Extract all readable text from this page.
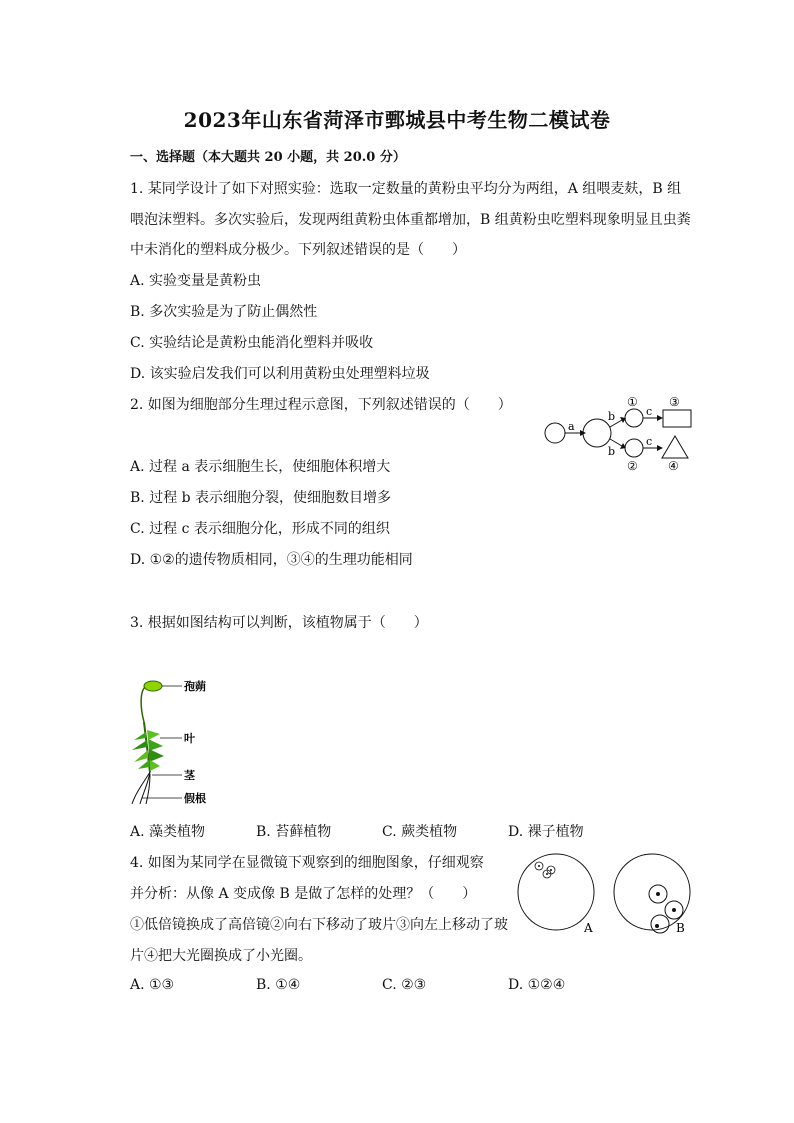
2023年山东省菏泽市鄄城县中考生物二模试卷
一、选择题（本大题共 20 小题，共 20.0 分）
1. 某同学设计了如下对照实验：选取一定数量的黄粉虫平均分为两组，A 组喂麦麸，B 组
喂泡沫塑料。多次实验后，发现两组黄粉虫体重都增加，B 组黄粉虫吃塑料现象明显且虫粪
中未消化的塑料成分极少。下列叙述错误的是（　　）
A. 实验变量是黄粉虫
B. 多次实验是为了防止偶然性
C. 实验结论是黄粉虫能消化塑料并吸收
D. 该实验启发我们可以利用黄粉虫处理塑料垃圾
2. 如图为细胞部分生理过程示意图，下列叙述错误的（　　）
a
b
b
①
②
c
③
c
④
A. 过程 a 表示细胞生长，使细胞体积增大
B. 过程 b 表示细胞分裂，使细胞数目增多
C. 过程 c 表示细胞分化，形成不同的组织
D. ①②的遗传物质相同，③④的生理功能相同
3. 根据如图结构可以判断，该植物属于（　　）
孢蒴
叶
茎
假根
A. 藻类植物	B. 苔藓植物	C. 蕨类植物	D. 裸子植物
4. 如图为某同学在显微镜下观察到的细胞图象，仔细观察
并分析：从像 A 变成像 B 是做了怎样的处理？（　　）
①低倍镜换成了高倍镜②向右下移动了玻片③向左上移动了玻
片④把大光圈换成了小光圈。
A	B
A. ①③	B. ①④	C. ②③	D. ①②④
